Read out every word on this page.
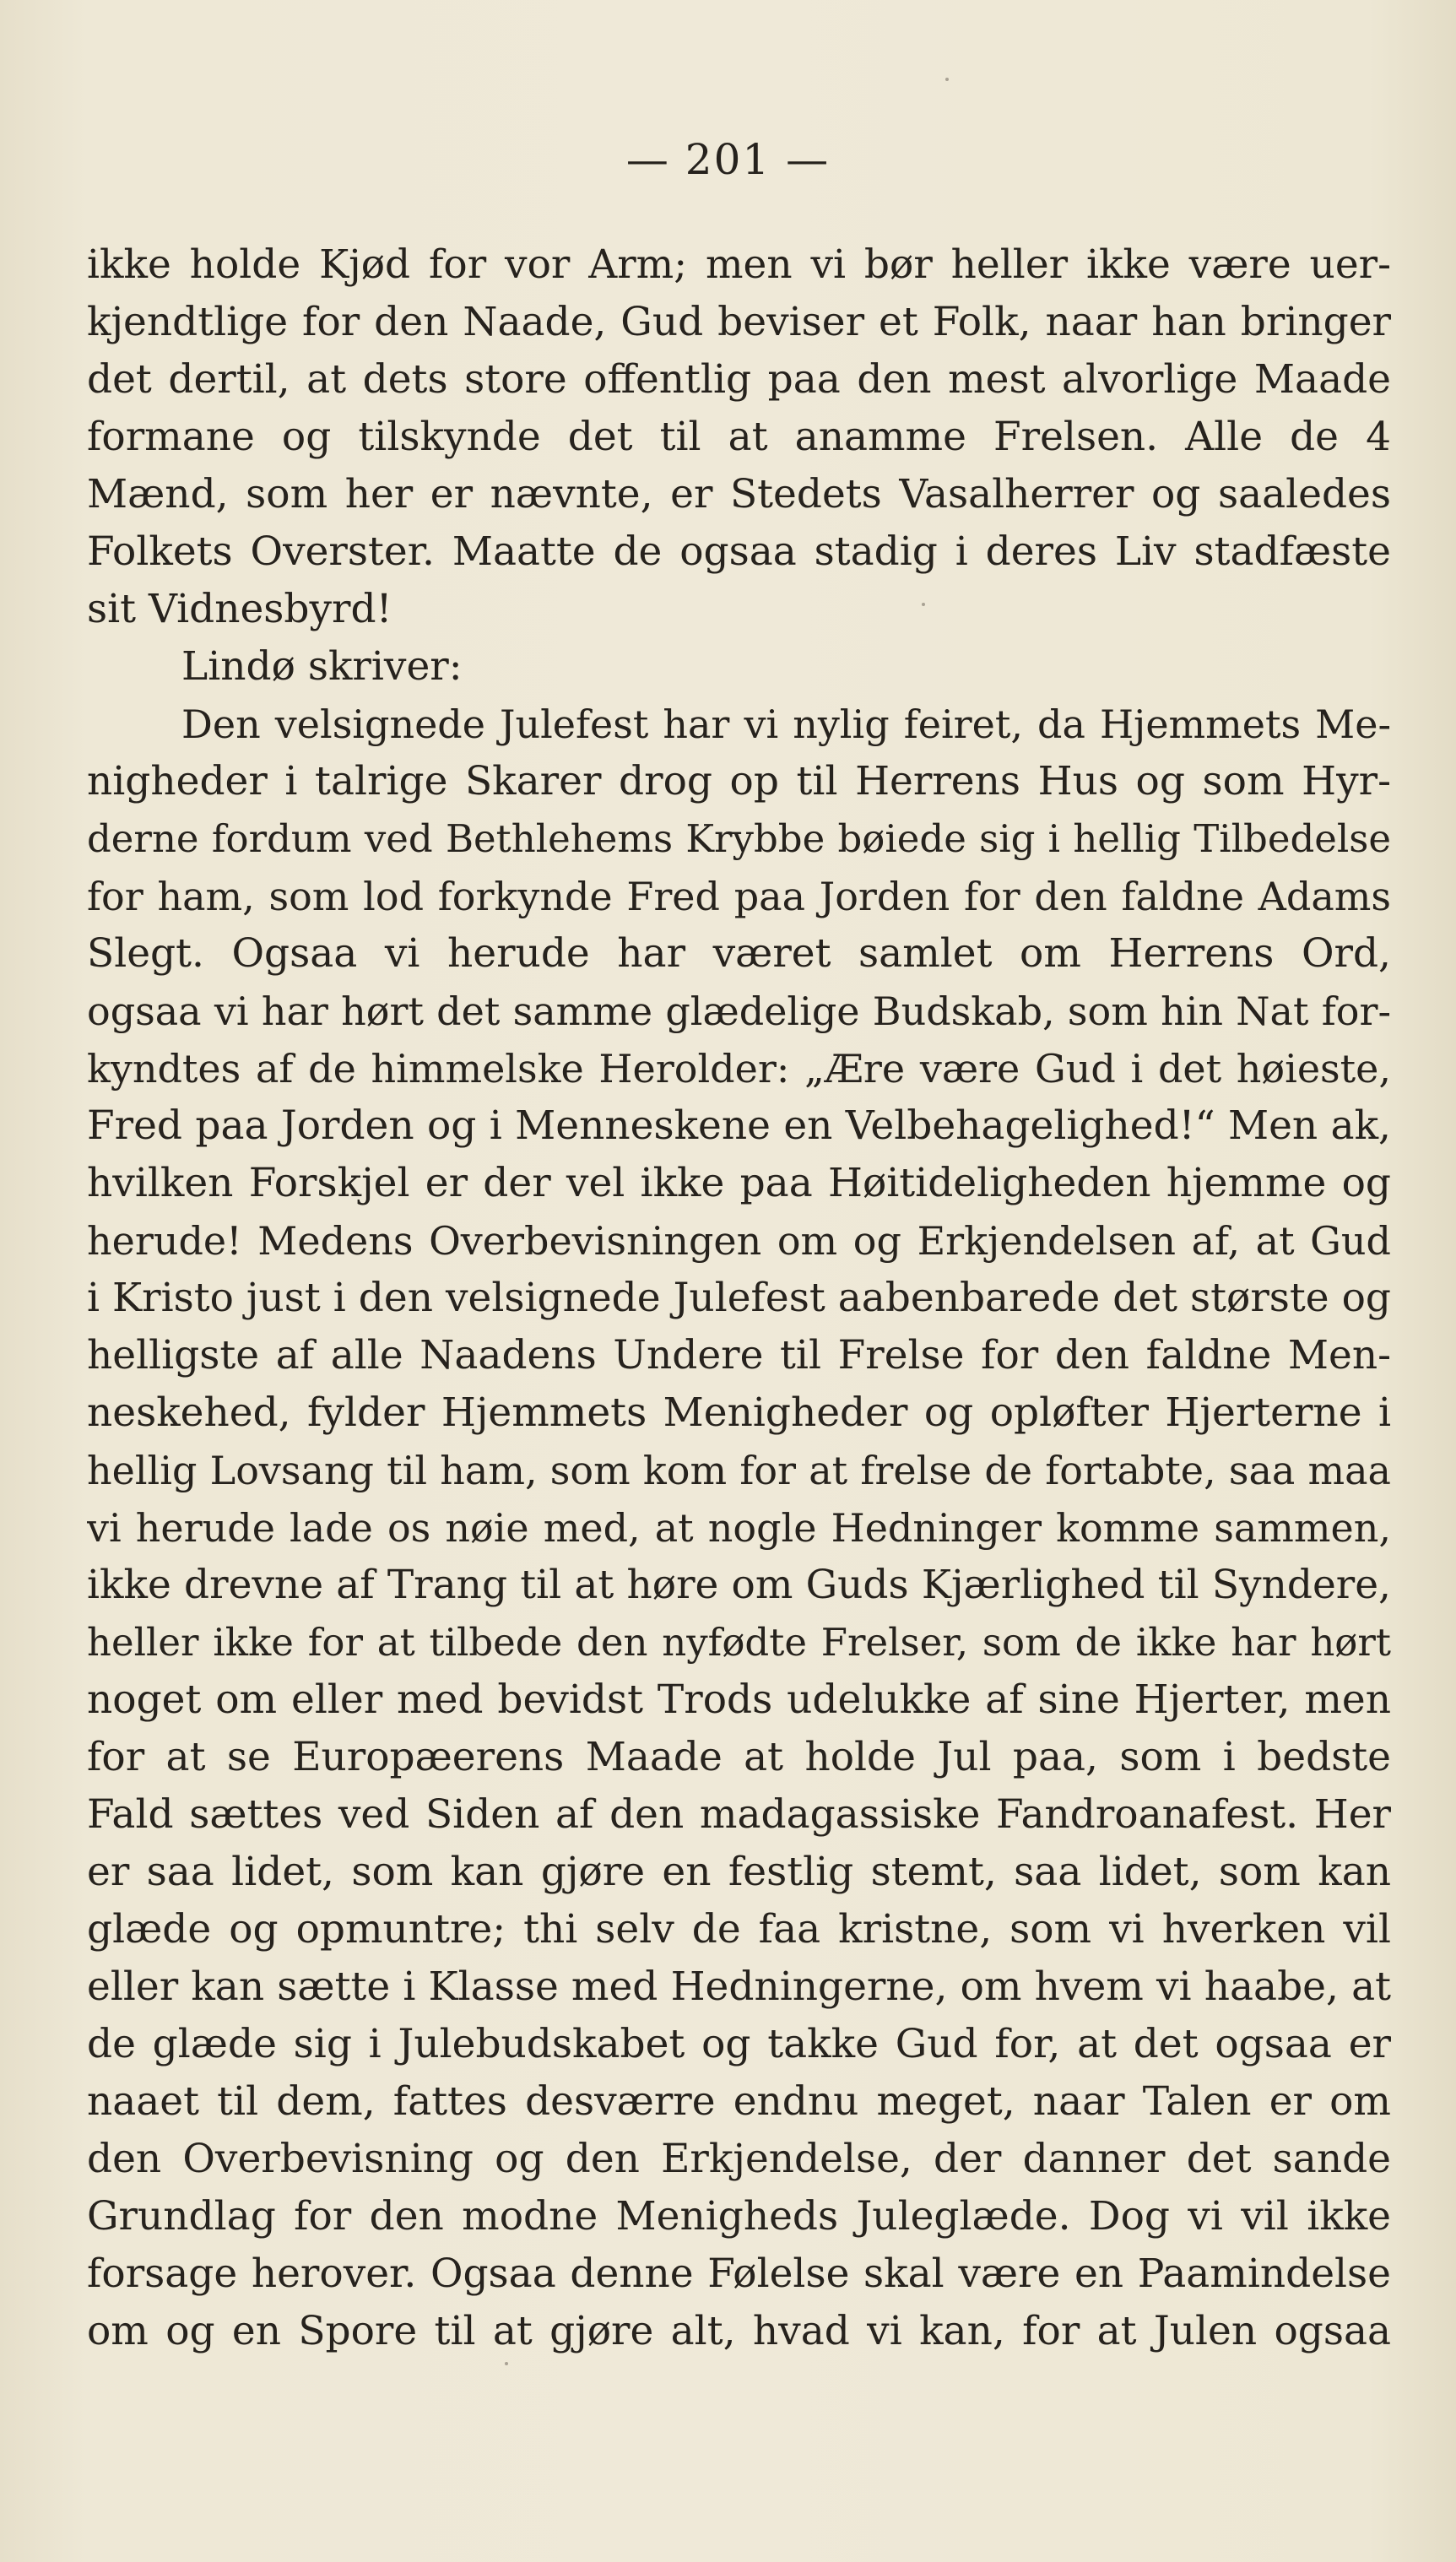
— 201 —
ikke holde Kjød for vor Arm; men vi bør heller ikke være uer-
kjendtlige for den Naade, Gud beviser et Folk, naar han bringer
det dertil, at dets store offentlig paa den mest alvorlige Maade
formane og tilskynde det til at anamme Frelsen. Alle de 4
Mænd, som her er nævnte, er Stedets Vasalherrer og saaledes
Folkets Overster. Maatte de ogsaa stadig i deres Liv stadfæste
sit Vidnesbyrd!
Lindø skriver:
Den velsignede Julefest har vi nylig feiret, da Hjemmets Me-
nigheder i talrige Skarer drog op til Herrens Hus og som Hyr-
derne fordum ved Bethlehems Krybbe bøiede sig i hellig Tilbedelse
for ham, som lod forkynde Fred paa Jorden for den faldne Adams
Slegt. Ogsaa vi herude har været samlet om Herrens Ord,
ogsaa vi har hørt det samme glædelige Budskab, som hin Nat for-
kyndtes af de himmelske Herolder: „Ære være Gud i det høieste,
Fred paa Jorden og i Menneskene en Velbehagelighed!“ Men ak,
hvilken Forskjel er der vel ikke paa Høitideligheden hjemme og
herude! Medens Overbevisningen om og Erkjendelsen af, at Gud
i Kristo just i den velsignede Julefest aabenbarede det største og
helligste af alle Naadens Undere til Frelse for den faldne Men-
neskehed, fylder Hjemmets Menigheder og opløfter Hjerterne i
hellig Lovsang til ham, som kom for at frelse de fortabte, saa maa
vi herude lade os nøie med, at nogle Hedninger komme sammen,
ikke drevne af Trang til at høre om Guds Kjærlighed til Syndere,
heller ikke for at tilbede den nyfødte Frelser, som de ikke har hørt
noget om eller med bevidst Trods udelukke af sine Hjerter, men
for at se Europæerens Maade at holde Jul paa, som i bedste
Fald sættes ved Siden af den madagassiske Fandroanafest. Her
er saa lidet, som kan gjøre en festlig stemt, saa lidet, som kan
glæde og opmuntre; thi selv de faa kristne, som vi hverken vil
eller kan sætte i Klasse med Hedningerne, om hvem vi haabe, at
de glæde sig i Julebudskabet og takke Gud for, at det ogsaa er
naaet til dem, fattes desværre endnu meget, naar Talen er om
den Overbevisning og den Erkjendelse, der danner det sande
Grundlag for den modne Menigheds Juleglæde. Dog vi vil ikke
forsage herover. Ogsaa denne Følelse skal være en Paamindelse
om og en Spore til at gjøre alt, hvad vi kan, for at Julen ogsaa
